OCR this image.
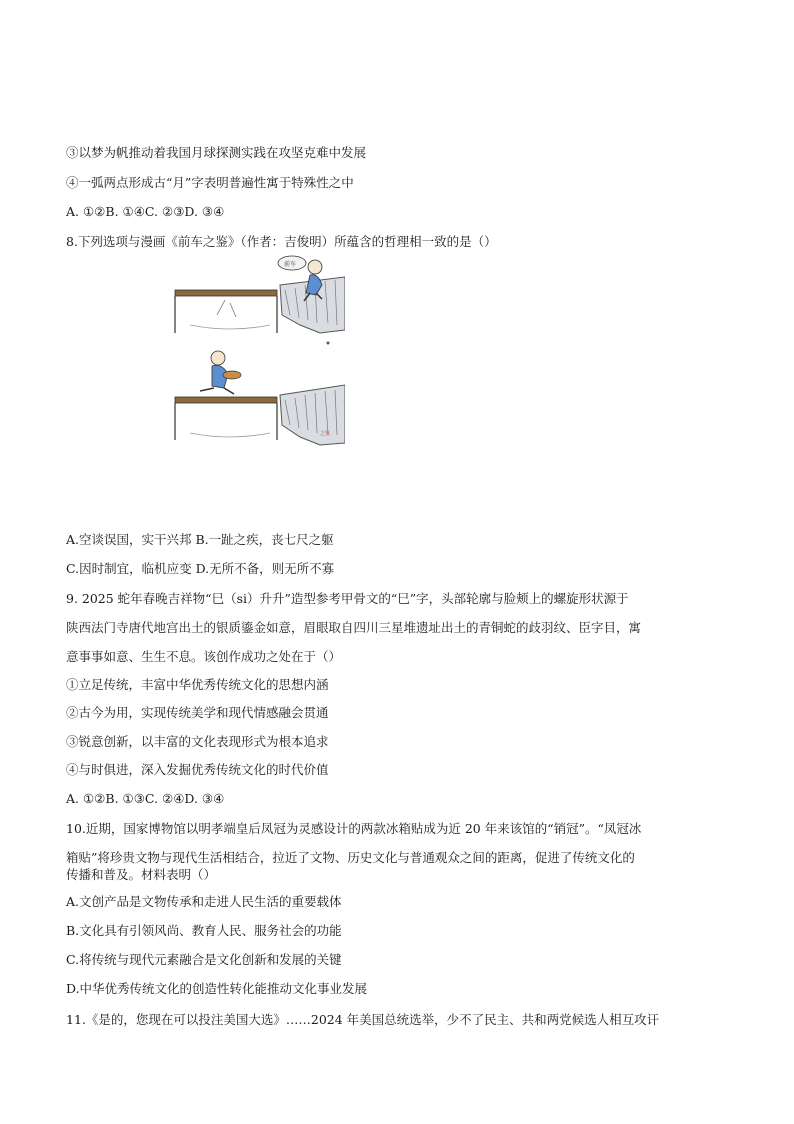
③以梦为帆推动着我国月球探测实践在攻坚克难中发展
④一弧两点形成古“月”字表明普遍性寓于特殊性之中
A. ①②B. ①④C. ②③D. ③④
8.下列选项与漫画《前车之鉴》（作者：吉俊明）所蕴含的哲理相一致的是（）
前车
之鉴
A.空谈误国，实干兴邦 B.一趾之疾，丧七尺之躯
C.因时制宜，临机应变 D.无所不备，则无所不寡
9. 2025 蛇年春晚吉祥物“巳（si）升升”造型参考甲骨文的“巳”字，头部轮廓与脸颊上的螺旋形状源于
陕西法门寺唐代地宫出土的银质鎏金如意，眉眼取自四川三星堆遗址出土的青铜蛇的歧羽纹、臣字目，寓
意事事如意、生生不息。该创作成功之处在于（）
①立足传统，丰富中华优秀传统文化的思想内涵
②古今为用，实现传统美学和现代情感融会贯通
③锐意创新，以丰富的文化表现形式为根本追求
④与时俱进，深入发掘优秀传统文化的时代价值
A. ①②B. ①③C. ②④D. ③④
10.近期，国家博物馆以明孝端皇后凤冠为灵感设计的两款冰箱贴成为近 20 年来该馆的“销冠”。“凤冠冰
箱贴”将珍贵文物与现代生活相结合，拉近了文物、历史文化与普通观众之间的距离，促进了传统文化的
传播和普及。材料表明（）
A.文创产品是文物传承和走进人民生活的重要载体
B.文化具有引领风尚、教育人民、服务社会的功能
C.将传统与现代元素融合是文化创新和发展的关键
D.中华优秀传统文化的创造性转化能推动文化事业发展
11.《是的，您现在可以投注美国大选》……2024 年美国总统选举，少不了民主、共和两党候选人相互攻讦
